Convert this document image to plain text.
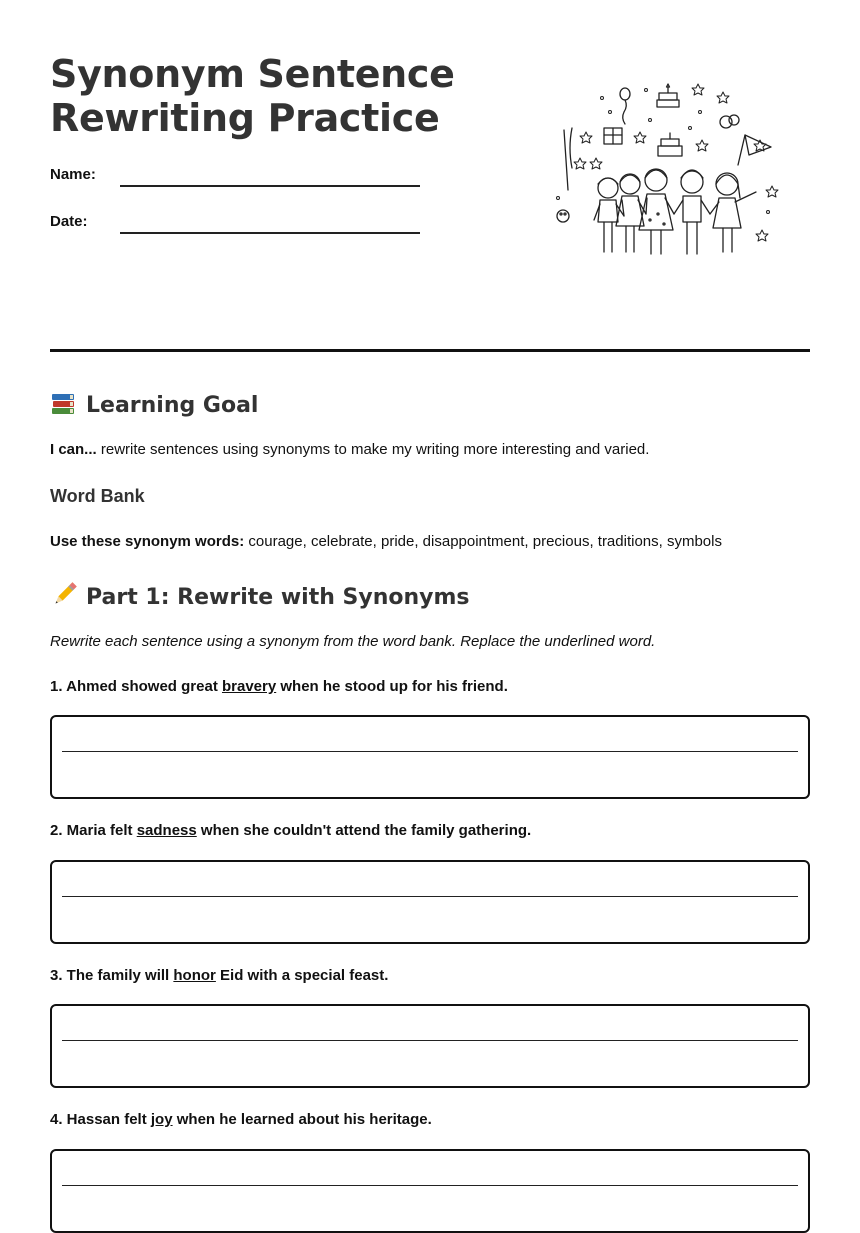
Synonym Sentence
Rewriting Practice
Name:
Date:
Learning Goal
I can... rewrite sentences using synonyms to make my writing more interesting and varied.
Word Bank
Use these synonym words: courage, celebrate, pride, disappointment, precious, traditions, symbols
Part 1: Rewrite with Synonyms
Rewrite each sentence using a synonym from the word bank. Replace the underlined word.
1. Ahmed showed great bravery when he stood up for his friend.
2. Maria felt sadness when she couldn't attend the family gathering.
3. The family will honor Eid with a special feast.
4. Hassan felt joy when he learned about his heritage.
